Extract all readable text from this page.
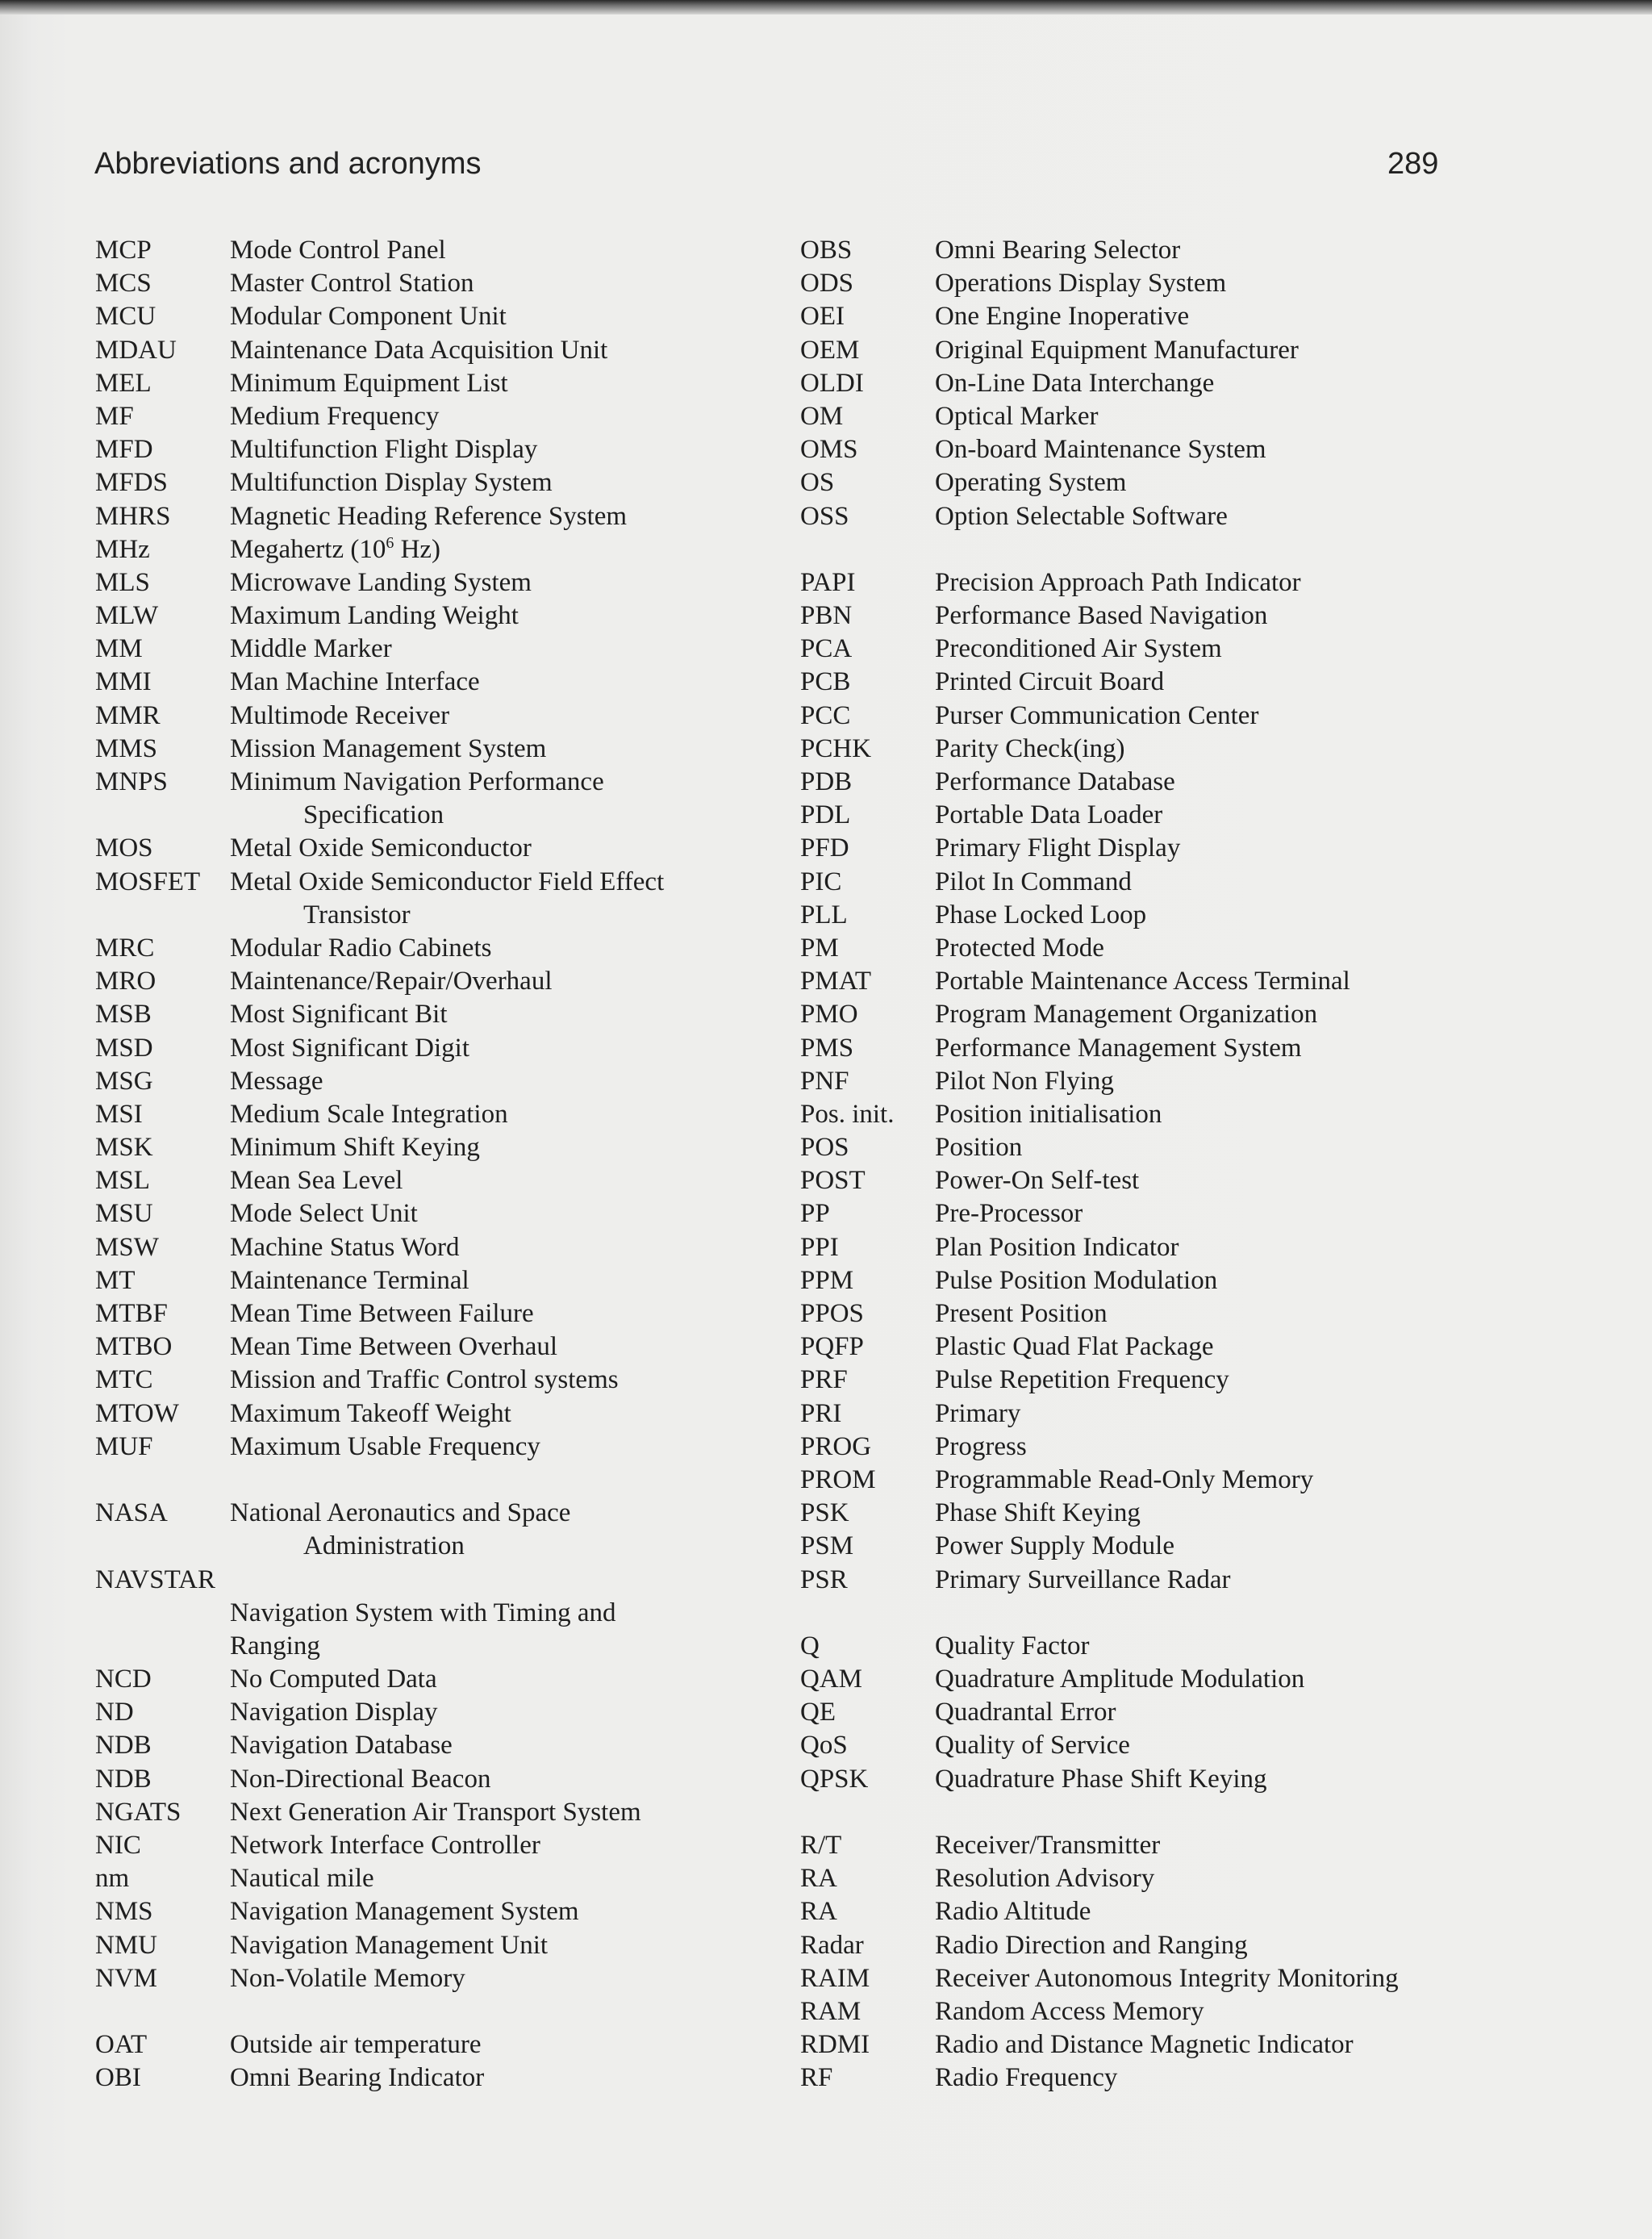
Abbreviations and acronyms	289
MCP	Mode Control Panel
MCS	Master Control Station
MCU	Modular Component Unit
MDAU Maintenance Data Acquisition Unit
MEL	Minimum Equipment List
MF	Medium Frequency
MFD	Multifunction Flight Display
MFDS Multifunction Display System
MHRS Magnetic Heading Reference System
MHz	Megahertz ($10^6$ Hz)
MLS	Microwave Landing System
MLW	Maximum Landing Weight
MM	Middle Marker
MMI	Man Machine Interface
MMR	Multimode Receiver
MMS	Mission Management System
MNPS Minimum Navigation Performance
Specification
MOS	Metal Oxide Semiconductor
MOSFET Metal Oxide Semiconductor Field Effect
Transistor
MRC	Modular Radio Cabinets
MRO	Maintenance/Repair/Overhaul
MSB	Most Significant Bit
MSD	Most Significant Digit
MSG	Message
MSI	Medium Scale Integration
MSK	Minimum Shift Keying
MSL	Mean Sea Level
MSU	Mode Select Unit
MSW	Machine Status Word
MT	Maintenance Terminal
MTBF Mean Time Between Failure
MTBO Mean Time Between Overhaul
MTC	Mission and Traffic Control systems
MTOW Maximum Takeoff Weight
MUF	Maximum Usable Frequency
NASA National Aeronautics and Space
Administration
NAVSTAR
Navigation System with Timing and
Ranging
NCD	No Computed Data
ND	Navigation Display
NDB	Navigation Database
NDB	Non-Directional Beacon
NGATS Next Generation Air Transport System
NIC	Network Interface Controller
nm	Nautical mile
NMS	Navigation Management System
NMU	Navigation Management Unit
NVM	Non-Volatile Memory
OAT	Outside air temperature
OBI	Omni Bearing Indicator
OBS	Omni Bearing Selector
ODS	Operations Display System
OEI	One Engine Inoperative
OEM	Original Equipment Manufacturer
OLDI	On-Line Data Interchange
OM	Optical Marker
OMS	On-board Maintenance System
OS	Operating System
OSS	Option Selectable Software
PAPI	Precision Approach Path Indicator
PBN	Performance Based Navigation
PCA	Preconditioned Air System
PCB	Printed Circuit Board
PCC	Purser Communication Center
PCHK Parity Check(ing)
PDB	Performance Database
PDL	Portable Data Loader
PFD	Primary Flight Display
PIC	Pilot In Command
PLL	Phase Locked Loop
PM	Protected Mode
PMAT Portable Maintenance Access Terminal
PMO	Program Management Organization
PMS	Performance Management System
PNF	Pilot Non Flying
Pos. init. Position initialisation
POS	Position
POST	Power-On Self-test
PP	Pre-Processor
PPI	Plan Position Indicator
PPM	Pulse Position Modulation
PPOS	Present Position
PQFP	Plastic Quad Flat Package
PRF	Pulse Repetition Frequency
PRI	Primary
PROG Progress
PROM Programmable Read-Only Memory
PSK	Phase Shift Keying
PSM	Power Supply Module
PSR	Primary Surveillance Radar
Q	Quality Factor
QAM	Quadrature Amplitude Modulation
QE	Quadrantal Error
QoS	Quality of Service
QPSK	Quadrature Phase Shift Keying
R/T	Receiver/Transmitter
RA	Resolution Advisory
RA	Radio Altitude
Radar	Radio Direction and Ranging
RAIM Receiver Autonomous Integrity Monitoring
RAM	Random Access Memory
RDMI Radio and Distance Magnetic Indicator
RF	Radio Frequency
